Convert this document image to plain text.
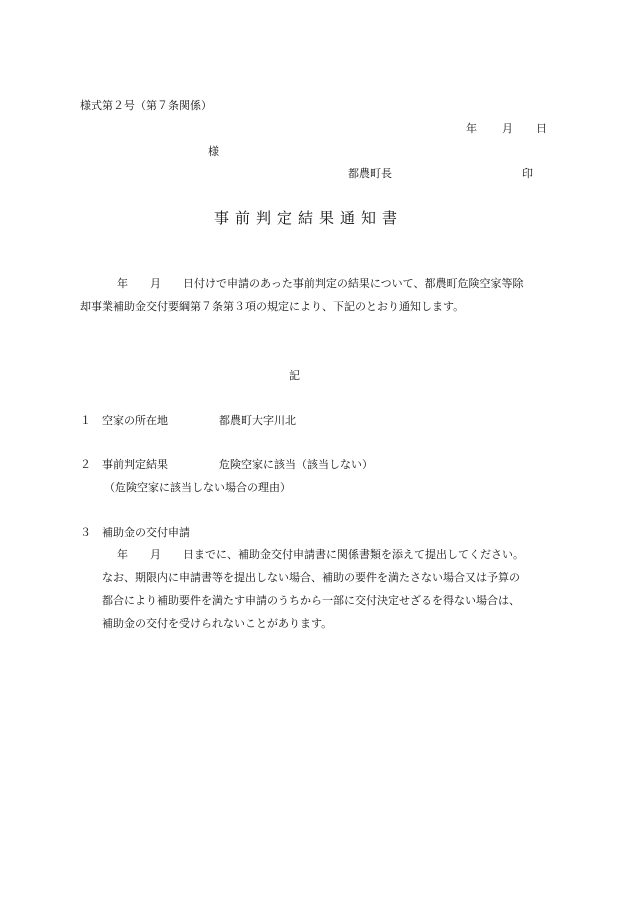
様式第２号（第７条関係）
年 月 日
様
都農町長	印
事前判定結果通知書
年 月 日付けで申請のあった事前判定の結果について、都農町危険空家等除
却事業補助金交付要綱第７条第３項の規定により、下記のとおり通知します。
記
１ 空家の所在地	都農町大字川北
２ 事前判定結果	危険空家に該当（該当しない）
（危険空家に該当しない場合の理由）
３ 補助金の交付申請
年 月 日までに、補助金交付申請書に関係書類を添えて提出してください。
なお、期限内に申請書等を提出しない場合、補助の要件を満たさない場合又は予算の
都合により補助要件を満たす申請のうちから一部に交付決定せざるを得ない場合は、
補助金の交付を受けられないことがあります。
